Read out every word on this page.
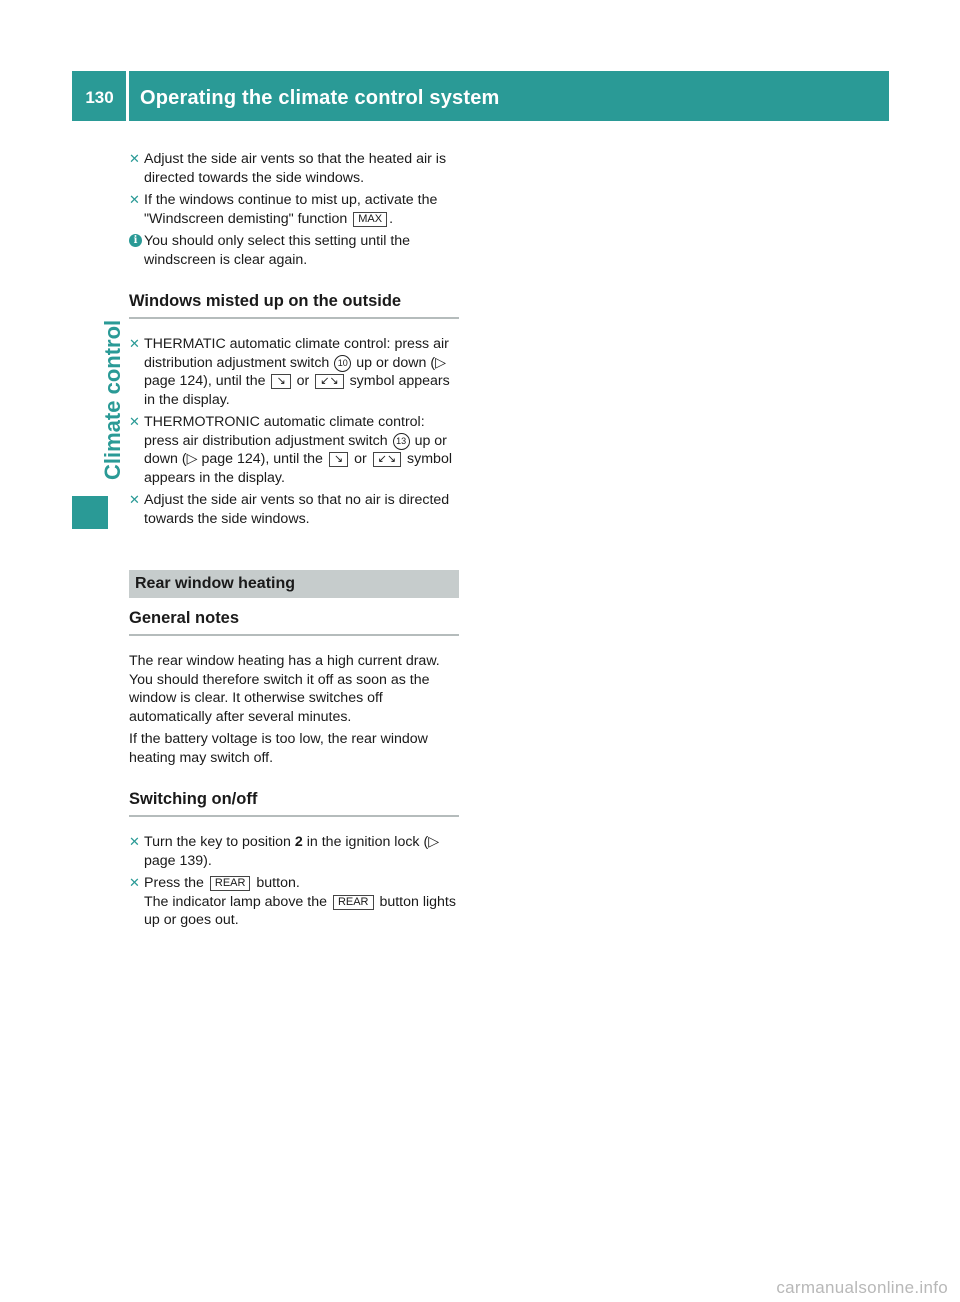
130	Operating the climate control system
Climate control
✕ Adjust the side air vents so that the heated air is directed towards the side windows.
✕ If the windows continue to mist up, activate the "Windscreen demisting" function MAX .
i You should only select this setting until the windscreen is clear again.
Windows misted up on the outside
✕ THERMATIC automatic climate control: press air distribution adjustment switch 10 up or down (▷ page 124), until the ↘ or ↙↘ symbol appears in the display.
✕ THERMOTRONIC automatic climate control: press air distribution adjustment switch 13 up or down (▷ page 124), until the ↘ or ↙↘ symbol appears in the display.
✕ Adjust the side air vents so that no air is directed towards the side windows.
Rear window heating
General notes

The rear window heating has a high current draw. You should therefore switch it off as soon as the window is clear. It otherwise switches off automatically after several minutes.

If the battery voltage is too low, the rear window heating may switch off.

Switching on/off
✕ Turn the key to position 2 in the ignition lock (▷ page 139).
✕ Press the REAR button.
The indicator lamp above the REAR button lights up or goes out.
carmanualsonline.info
